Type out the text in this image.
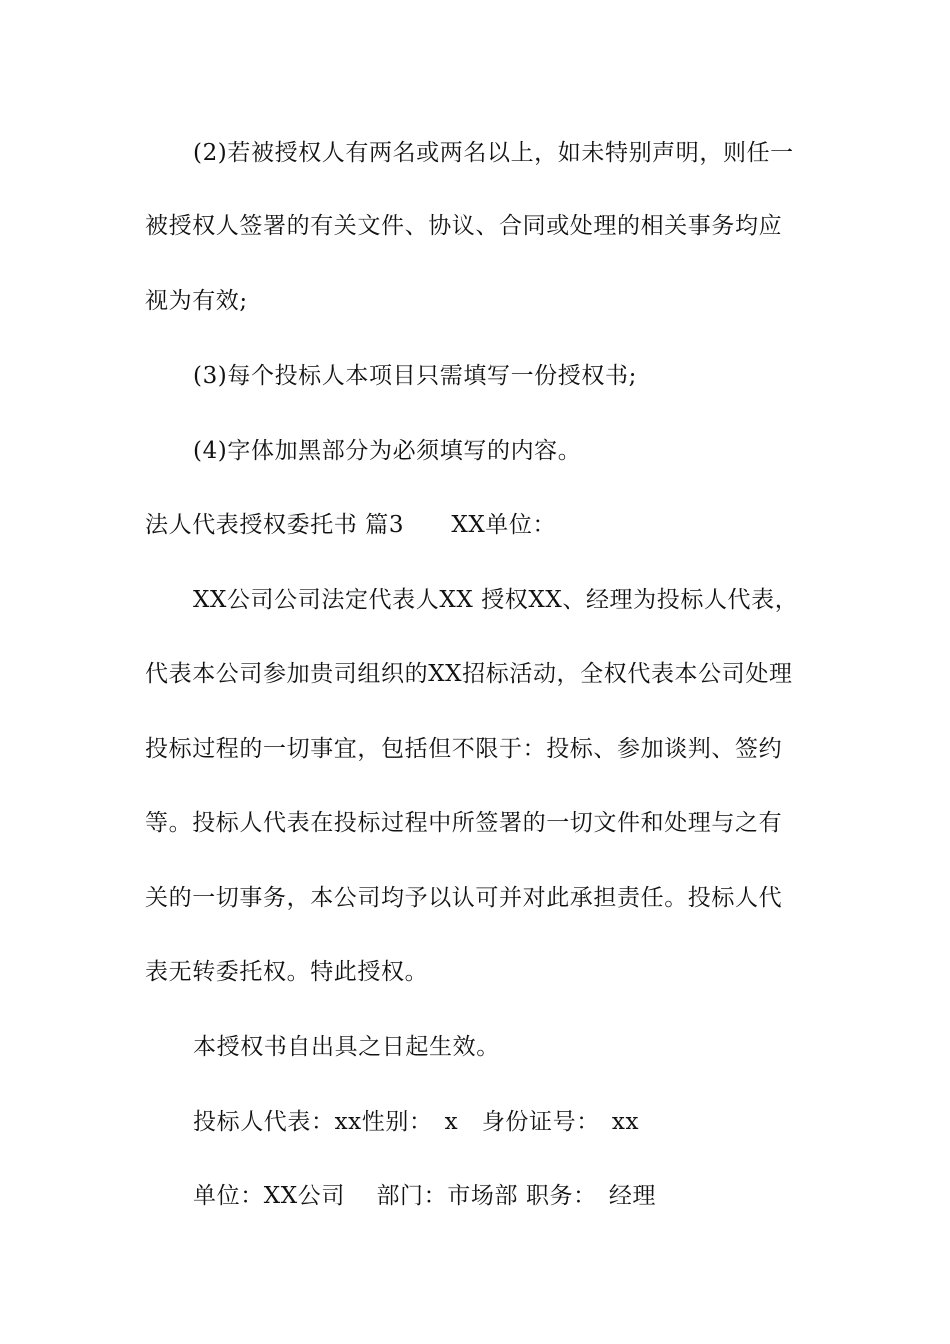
(2)若被授权人有两名或两名以上，如未特别声明，则任一
被授权人签署的有关文件、协议、合同或处理的相关事务均应
视为有效;
(3)每个投标人本项目只需填写一份授权书;
(4)字体加黑部分为必须填写的内容。
法人代表授权委托书 篇3　　XX单位：
XX公司公司法定代表人XX 授权XX、经理为投标人代表，
代表本公司参加贵司组织的XX招标活动，全权代表本公司处理
投标过程的一切事宜，包括但不限于：投标、参加谈判、签约
等。投标人代表在投标过程中所签署的一切文件和处理与之有
关的一切事务，本公司均予以认可并对此承担责任。投标人代
表无转委托权。特此授权。
本授权书自出具之日起生效。
投标人代表：xx性别：　x　身份证号：　xx
单位：XX公司　 部门：市场部 职务：　经理
